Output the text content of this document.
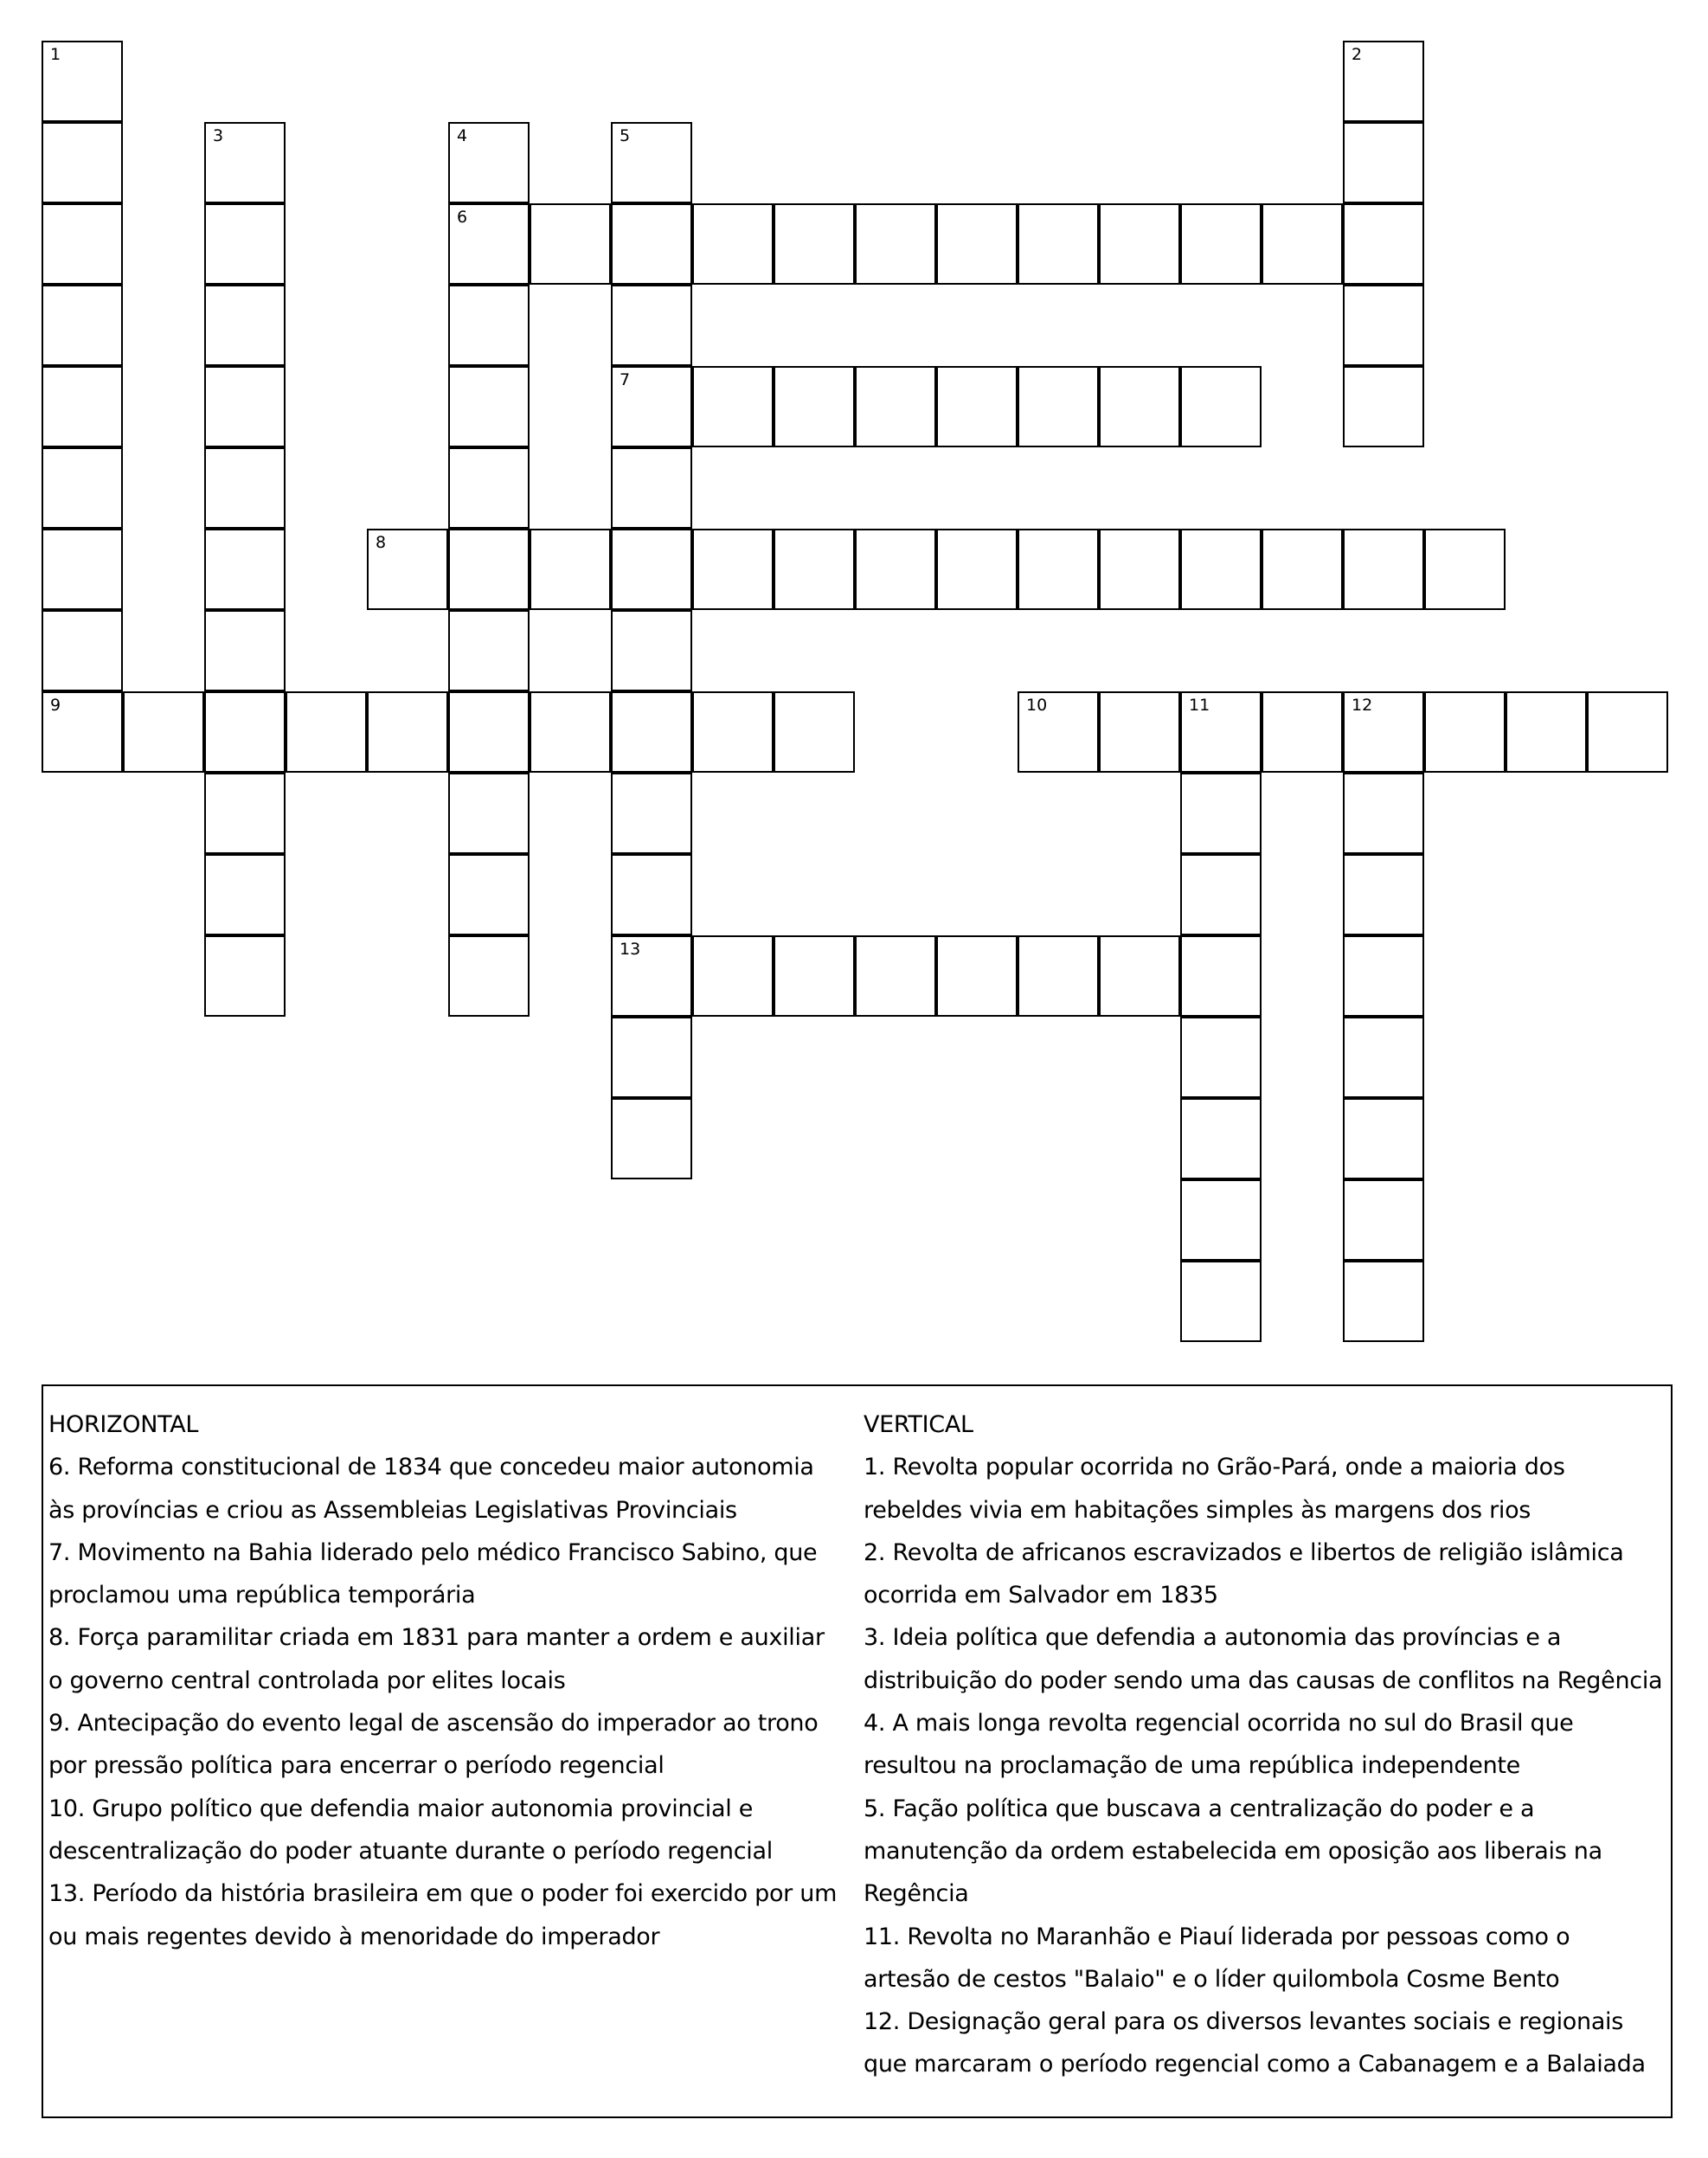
1	2
3	4
6
5
7
13
8
9	10	11	12
HORIZONTAL
6. Reforma constitucional de 1834 que concedeu maior autonomia
às províncias e criou as Assembleias Legislativas Provinciais
7. Movimento na Bahia liderado pelo médico Francisco Sabino, que
proclamou uma república temporária
8. Força paramilitar criada em 1831 para manter a ordem e auxiliar
o governo central controlada por elites locais
9. Antecipação do evento legal de ascensão do imperador ao trono
por pressão política para encerrar o período regencial
10. Grupo político que defendia maior autonomia provincial e
descentralização do poder atuante durante o período regencial
13. Período da história brasileira em que o poder foi exercido por um
ou mais regentes devido à menoridade do imperador
VERTICAL
1. Revolta popular ocorrida no Grão-Pará, onde a maioria dos
rebeldes vivia em habitações simples às margens dos rios
2. Revolta de africanos escravizados e libertos de religião islâmica
ocorrida em Salvador em 1835
3. Ideia política que defendia a autonomia das províncias e a
distribuição do poder sendo uma das causas de conflitos na Regência
4. A mais longa revolta regencial ocorrida no sul do Brasil que
resultou na proclamação de uma república independente
5. Fação política que buscava a centralização do poder e a
manutenção da ordem estabelecida em oposição aos liberais na
Regência
11. Revolta no Maranhão e Piauí liderada por pessoas como o
artesão de cestos "Balaio" e o líder quilombola Cosme Bento
12. Designação geral para os diversos levantes sociais e regionais
que marcaram o período regencial como a Cabanagem e a Balaiada
